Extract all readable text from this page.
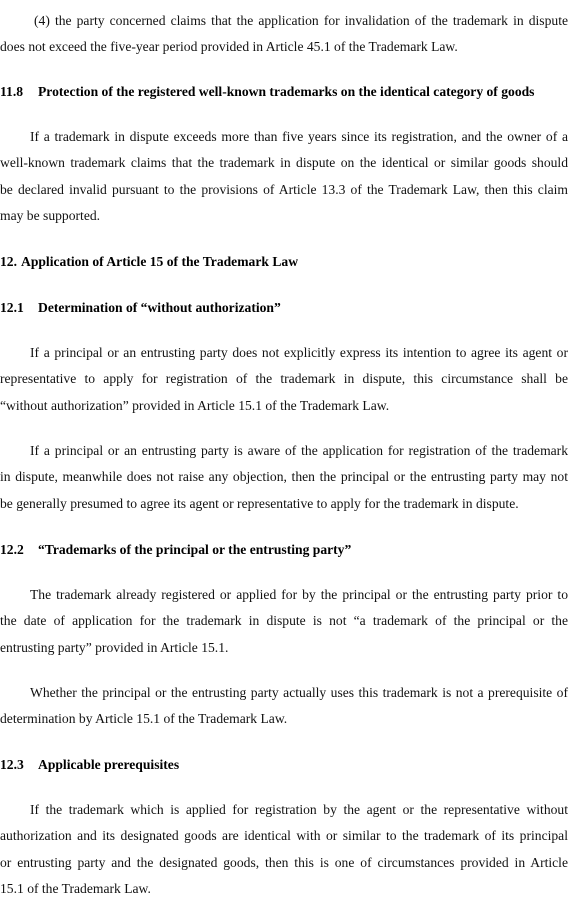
(4) the party concerned claims that the application for invalidation of the trademark in dispute
does not exceed the five-year period provided in Article 45.1 of the Trademark Law.
11.8 Protection of the registered well-known trademarks on the identical category of goods
If a trademark in dispute exceeds more than five years since its registration, and the owner of a
well-known trademark claims that the trademark in dispute on the identical or similar goods should
be declared invalid pursuant to the provisions of Article 13.3 of the Trademark Law, then this claim
may be supported.
12. Application of Article 15 of the Trademark Law
12.1 Determination of “without authorization”
If a principal or an entrusting party does not explicitly express its intention to agree its agent or
representative to apply for registration of the trademark in dispute, this circumstance shall be
“without authorization” provided in Article 15.1 of the Trademark Law.
If a principal or an entrusting party is aware of the application for registration of the trademark
in dispute, meanwhile does not raise any objection, then the principal or the entrusting party may not
be generally presumed to agree its agent or representative to apply for the trademark in dispute.
12.2 “Trademarks of the principal or the entrusting party”
The trademark already registered or applied for by the principal or the entrusting party prior to
the date of application for the trademark in dispute is not “a trademark of the principal or the
entrusting party” provided in Article 15.1.
Whether the principal or the entrusting party actually uses this trademark is not a prerequisite of
determination by Article 15.1 of the Trademark Law.
12.3 Applicable prerequisites
If the trademark which is applied for registration by the agent or the representative without
authorization and its designated goods are identical with or similar to the trademark of its principal
or entrusting party and the designated goods, then this is one of circumstances provided in Article
15.1 of the Trademark Law.
